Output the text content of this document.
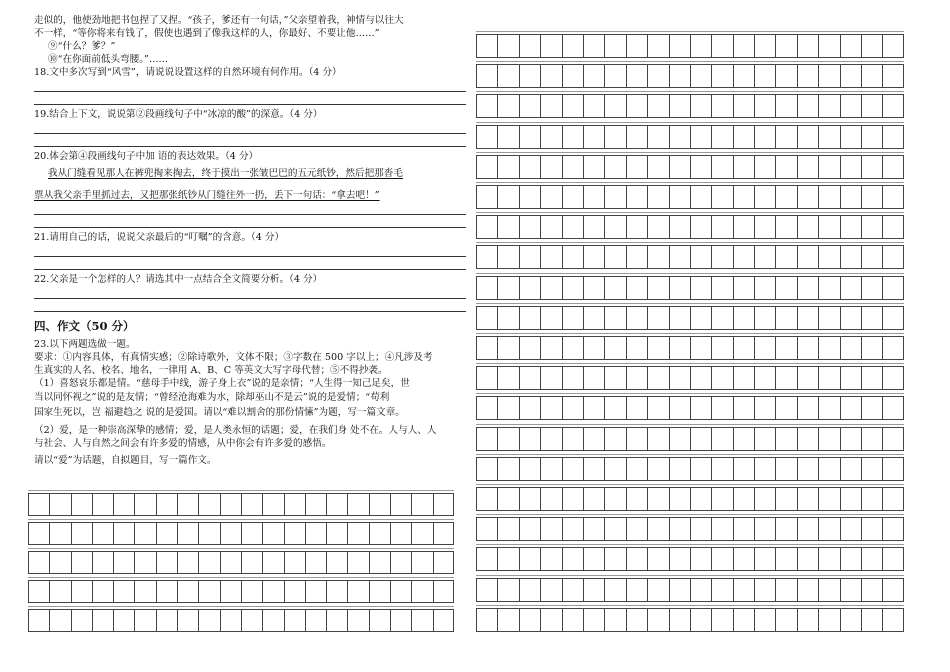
走似的，他使劲地把书包捏了又捏。“孩子，爹还有一句话，”父亲望着我，神情与以往大
不一样，“等你将来有钱了，假使也遇到了像我这样的人，你最好、不要让他……”
⑨“什么？爹？”
⑩“在你面前低头弯腰。”……
18.文中多次写到“风雪”，请说说设置这样的自然环境有何作用。（4 分）
19.结合上下文，说说第②段画线句子中“冰凉的酸”的深意。（4 分）
20.体会第④段画线句子中加 语的表达效果。（4 分）
我从门缝看见那人在裤兜掏来掏去，终于摸出一张皱巴巴的五元纸钞，然后把那沓毛
票从我父亲手里抓过去，又把那张纸钞从门缝往外一扔，丢下一句话：“拿去吧！”
21.请用自己的话，说说父亲最后的“叮嘱”的含意。（4 分）
22.父亲是一个怎样的人？请选其中一点结合全文简要分析。（4 分）
四、作文（50 分）
23.以下两题选做一题。
要求：①内容具体，有真情实感；②除诗歌外，文体不限；③字数在 500 字以上；④凡涉及考
生真实的人名、校名、地名，一律用 A、B、C 等英文大写字母代替；⑤不得抄袭。
（1）喜怒哀乐都是情。“慈母手中线，游子身上衣”说的是亲情；“人生得一知己足矣，世
当以同怀视之”说的是友情；“曾经沧海难为水，除却巫山不是云”说的是爱情；“苟利
国家生死以，岂 福避趋之 说的是爱国。请以“难以割舍的那份情愫”为题，写一篇文章。
（2）爱，是一种崇高深挚的感情；爱，是人类永恒的话题；爱，在我们身 处不在。人与人、人
与社会、人与自然之间会有许多爱的情感，从中你会有许多爱的感悟。
请以“爱”为话题，自拟题目，写一篇作文。
